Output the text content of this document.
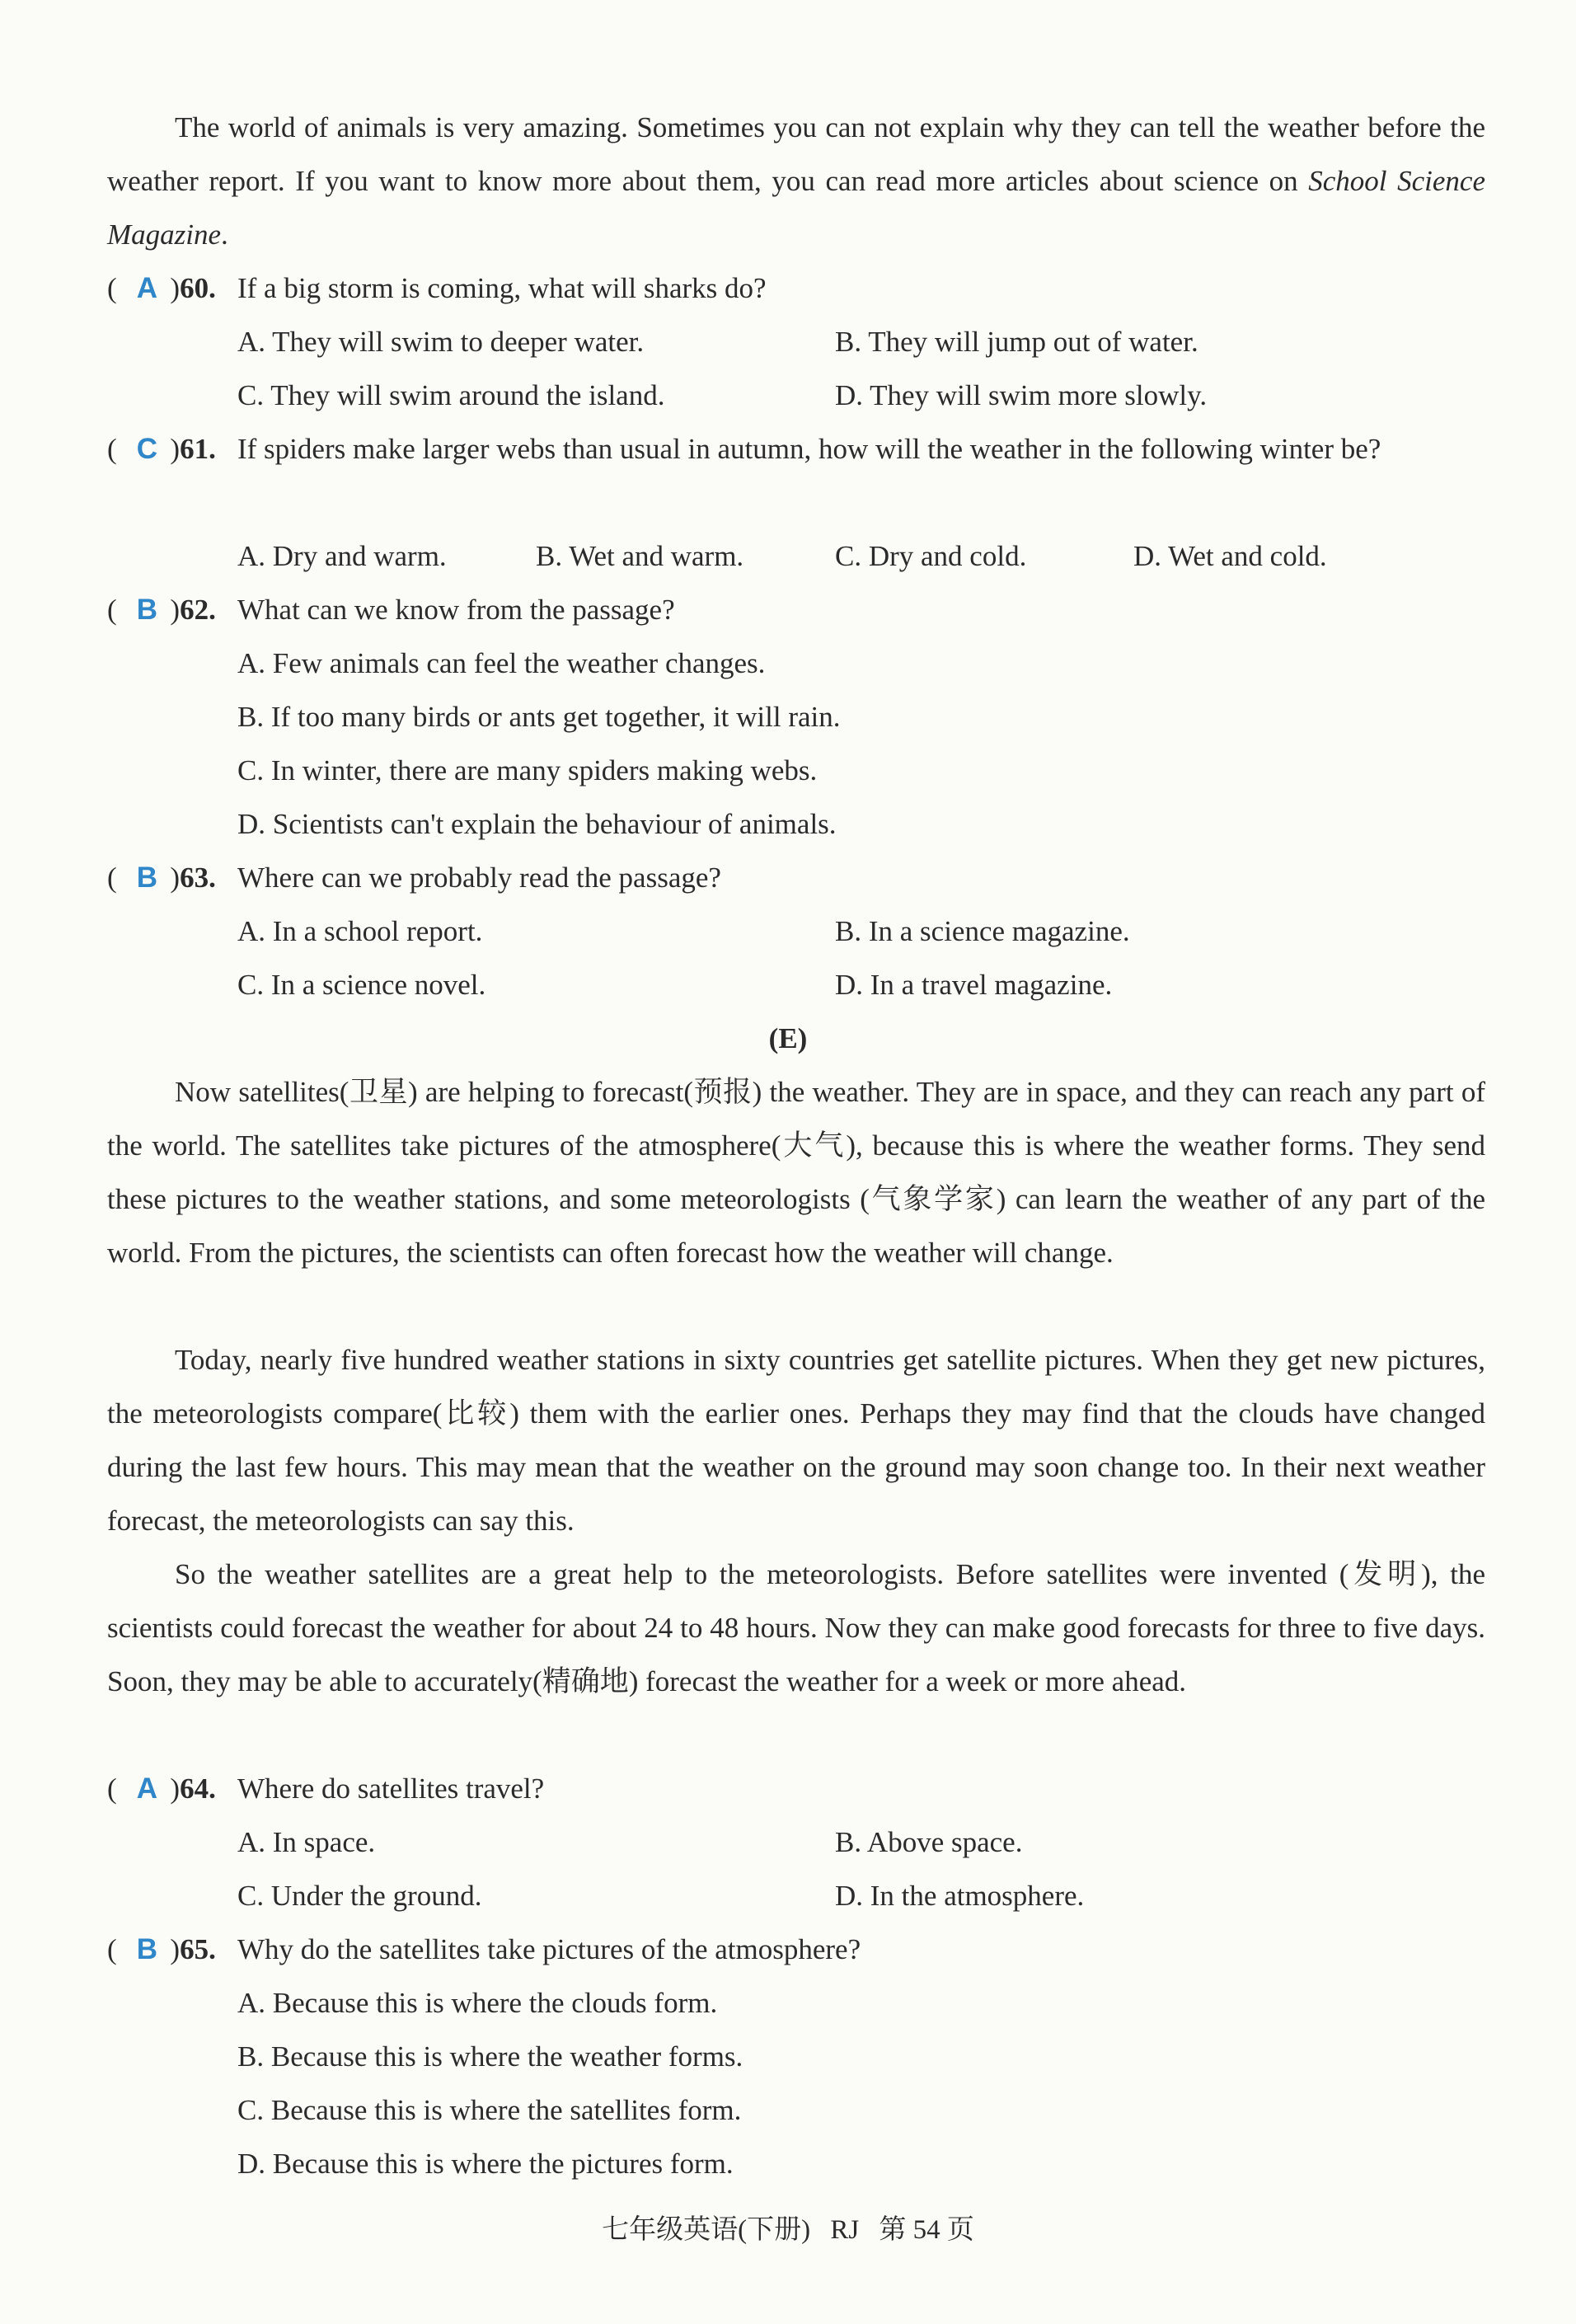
The world of animals is very amazing. Sometimes you can not explain why they can tell the weather before the weather report. If you want to know more about them, you can read more articles about science on School Science Magazine.

( A )60. If a big storm is coming, what will sharks do?
A. They will swim to deeper water.	B. They will jump out of water.
C. They will swim around the island.	D. They will swim more slowly.
( C )61. If spiders make larger webs than usual in autumn, how will the weather in the following winter be?
A. Dry and warm.	B. Wet and warm.	C. Dry and cold.	D. Wet and cold.
( B )62. What can we know from the passage?
A. Few animals can feel the weather changes.
B. If too many birds or ants get together, it will rain.
C. In winter, there are many spiders making webs.
D. Scientists can't explain the behaviour of animals.
( B )63. Where can we probably read the passage?
A. In a school report.	B. In a science magazine.
C. In a science novel.	D. In a travel magazine.
(E)

Now satellites(卫星) are helping to forecast(预报) the weather. They are in space, and they can reach any part of the world. The satellites take pictures of the atmosphere(大气), because this is where the weather forms. They send these pictures to the weather stations, and some meteorologists (气象学家) can learn the weather of any part of the world. From the pictures, the scientists can often forecast how the weather will change.

Today, nearly five hundred weather stations in sixty countries get satellite pictures. When they get new pictures, the meteorologists compare(比较) them with the earlier ones. Perhaps they may find that the clouds have changed during the last few hours. This may mean that the weather on the ground may soon change too. In their next weather forecast, the meteorologists can say this.

So the weather satellites are a great help to the meteorologists. Before satellites were invented (发明), the scientists could forecast the weather for about 24 to 48 hours. Now they can make good forecasts for three to five days. Soon, they may be able to accurately(精确地) forecast the weather for a week or more ahead.

( A )64. Where do satellites travel?
A. In space.	B. Above space.
C. Under the ground.	D. In the atmosphere.
( B )65. Why do the satellites take pictures of the atmosphere?
A. Because this is where the clouds form.
B. Because this is where the weather forms.
C. Because this is where the satellites form.
D. Because this is where the pictures form.
七年级英语(下册) RJ 第 54 页
